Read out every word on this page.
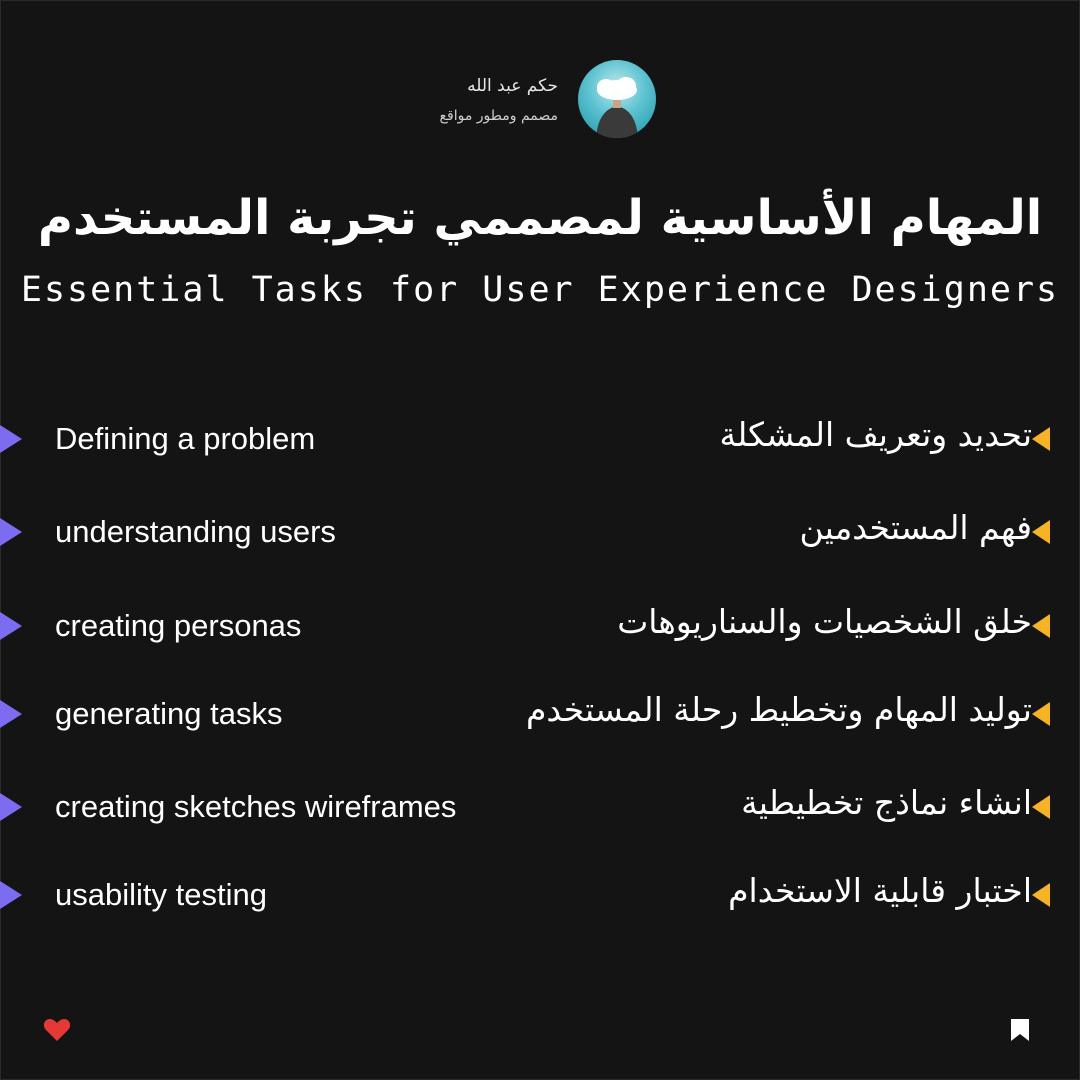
حكم عبد الله
مصمم ومطور مواقع
المهام الأساسية لمصممي تجربة المستخدم
Essential Tasks for User Experience Designers
Defining a problem	تحديد وتعريف المشكلة
understanding users	فهم المستخدمين
creating personas	خلق الشخصيات والسناريوهات
generating tasks	توليد المهام وتخطيط رحلة المستخدم
creating sketches wireframes	انشاء نماذج تخطيطية
usability testing	اختبار قابلية الاستخدام
